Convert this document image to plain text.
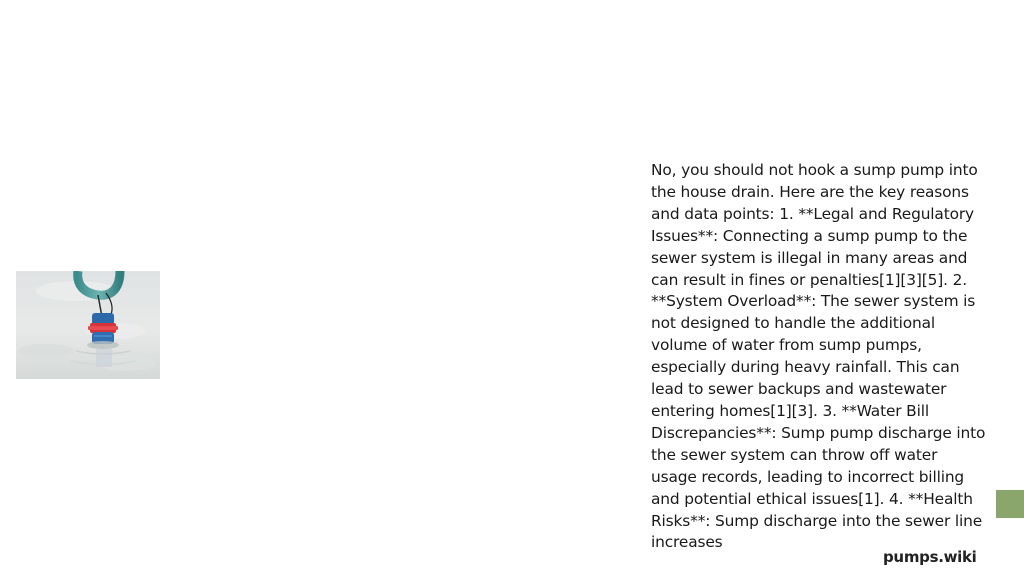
No, you should not hook a sump pump into the house drain. Here are the key reasons and data points: 1. **Legal and Regulatory Issues**: Connecting a sump pump to the sewer system is illegal in many areas and can result in fines or penalties[1][3][5]. 2. **System Overload**: The sewer system is not designed to handle the additional volume of water from sump pumps, especially during heavy rainfall. This can lead to sewer backups and wastewater entering homes[1][3]. 3. **Water Bill Discrepancies**: Sump pump discharge into the sewer system can throw off water usage records, leading to incorrect billing and potential ethical issues[1]. 4. **Health Risks**: Sump discharge into the sewer line increases
pumps.wiki
